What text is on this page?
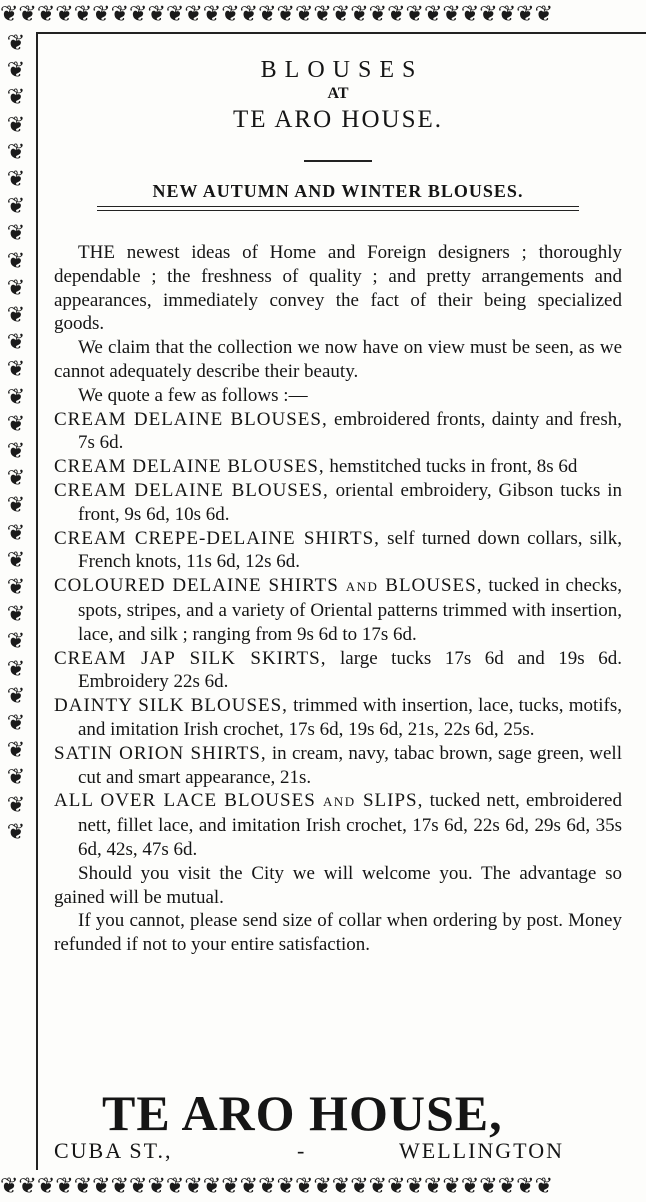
❦❦❦❦❦❦❦❦❦❦❦❦❦❦❦❦❦❦❦❦❦❦❦❦❦❦❦❦❦❦
❦❦❦❦❦❦❦❦❦❦❦❦❦❦❦❦❦❦❦❦❦❦❦❦❦❦❦❦❦❦
❦❦❦❦❦❦❦❦❦❦❦❦❦❦❦❦❦❦❦❦❦❦❦❦❦❦❦❦❦❦
BLOUSES
AT
TE ARO HOUSE.
NEW AUTUMN AND WINTER BLOUSES.

THE newest ideas of Home and Foreign designers ; thoroughly dependable ; the freshness of quality ; and pretty arrangements and appearances, immediately convey the fact of their being specialized goods.

We claim that the collection we now have on view must be seen, as we cannot adequately describe their beauty.

We quote a few as follows :—

CREAM DELAINE BLOUSES, embroidered fronts, dainty and fresh, 7s 6d.

CREAM DELAINE BLOUSES, hemstitched tucks in front, 8s 6d

CREAM DELAINE BLOUSES, oriental embroidery, Gibson tucks in front, 9s 6d, 10s 6d.

CREAM CREPE-DELAINE SHIRTS, self turned down collars, silk, French knots, 11s 6d, 12s 6d.

COLOURED DELAINE SHIRTS AND BLOUSES, tucked in checks, spots, stripes, and a variety of Oriental patterns trimmed with insertion, lace, and silk ; ranging from 9s 6d to 17s 6d.

CREAM JAP SILK SKIRTS, large tucks 17s 6d and 19s 6d. Embroidery 22s 6d.

DAINTY SILK BLOUSES, trimmed with insertion, lace, tucks, motifs, and imitation Irish crochet, 17s 6d, 19s 6d, 21s, 22s 6d, 25s.

SATIN ORION SHIRTS, in cream, navy, tabac brown, sage green, well cut and smart appearance, 21s.

ALL OVER LACE BLOUSES AND SLIPS, tucked nett, embroidered nett, fillet lace, and imitation Irish crochet, 17s 6d, 22s 6d, 29s 6d, 35s 6d, 42s, 47s 6d.

Should you visit the City we will welcome you. The advantage so gained will be mutual.

If you cannot, please send size of collar when ordering by post. Money refunded if not to your entire satisfaction.

TE ARO HOUSE,
CUBA ST.,	-	WELLINGTON
